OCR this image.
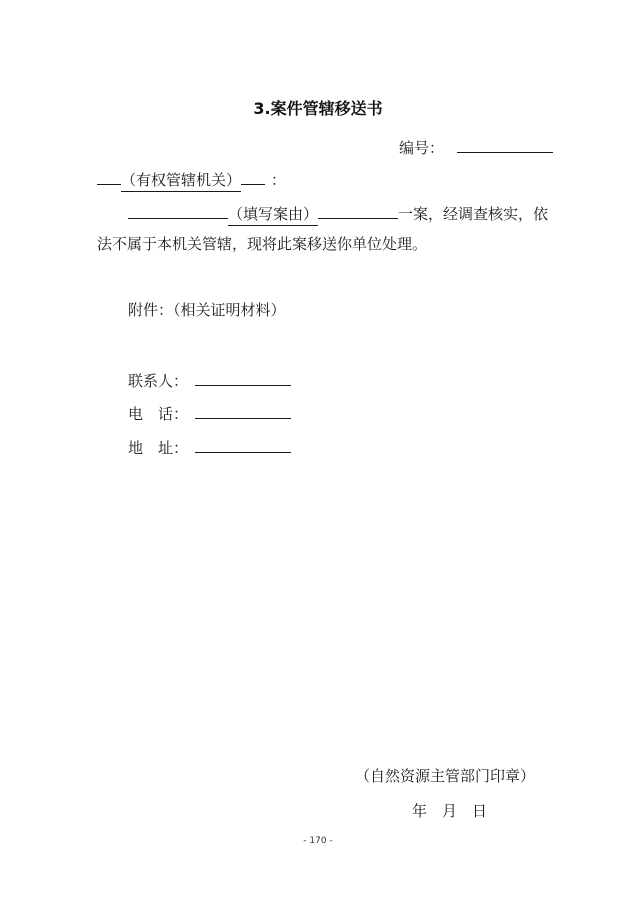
3.案件管辖移送书
编号：
（有权管辖机关） ：
（填写案由）	一案，经调查核实，依
法不属于本机关管辖，现将此案移送你单位处理。
附件：（相关证明材料）
联系人：
电　话：
地　址：
（自然资源主管部门印章）
年　月　日
- 170 -
